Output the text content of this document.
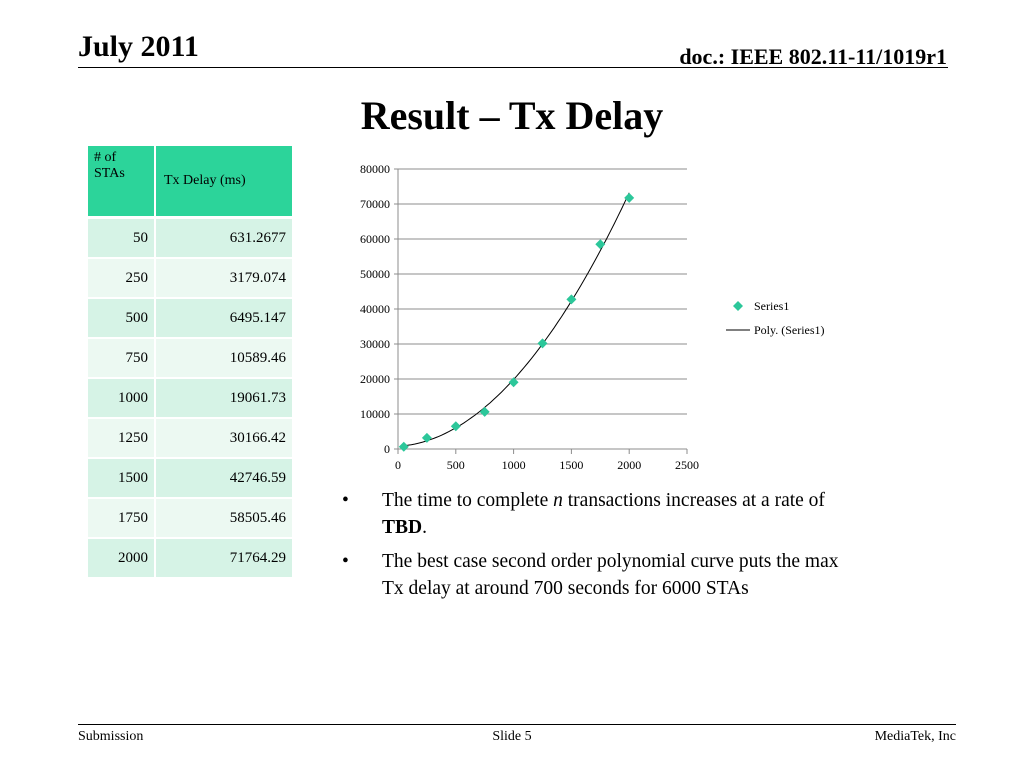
July 2011	doc.: IEEE 802.11-11/1019r1
Result – Tx Delay
# of STAs	Tx Delay (ms)
50	631.2677
250	3179.074
500	6495.147
750	10589.46
1000	19061.73
1250	30166.42
1500	42746.59
1750	58505.46
2000	71764.29
0
10000
20000
30000
40000
50000
60000
70000
80000
0	500	1000	1500	2000	2500
Series1
Poly. (Series1)
• The time to complete n transactions increases at a rate of TBD.
• The best case second order polynomial curve puts the max Tx delay at around 700 seconds for 6000 STAs
Submission	Slide 5	MediaTek, Inc
